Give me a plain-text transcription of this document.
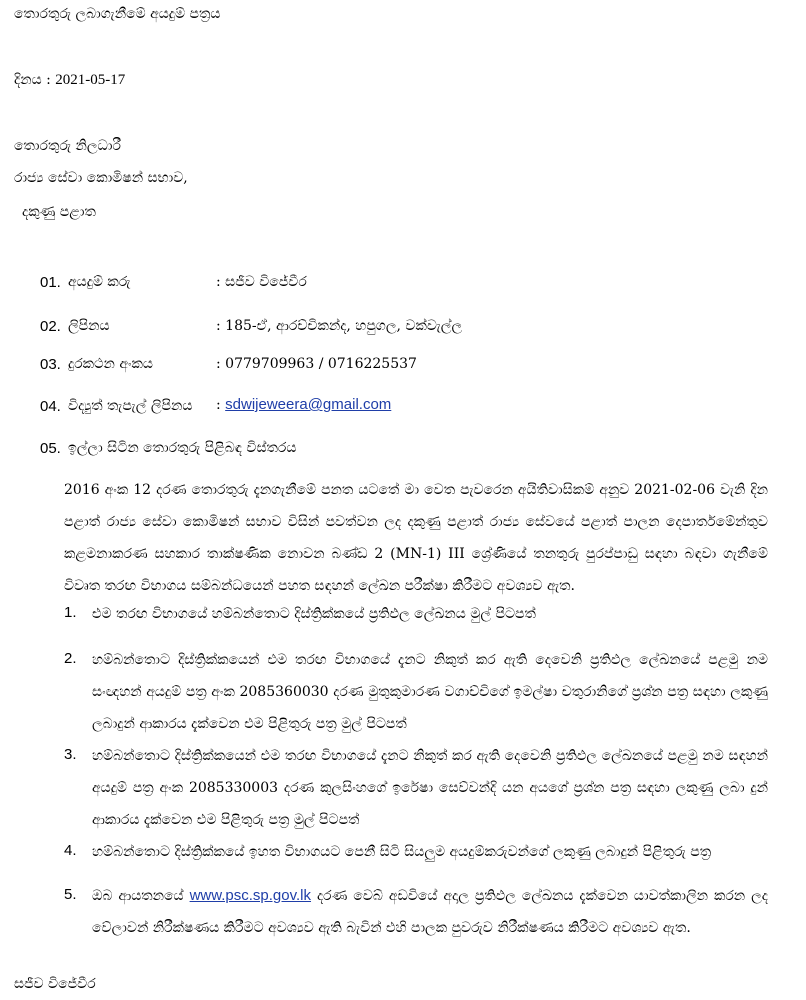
තොරතුරු ලබාගැනීමේ අයදුම් පත්‍රය
දිනය : 2021-05-17
තොරතුරු නිලධාරී
රාජ්‍ය සේවා කොමිෂන් සභාව,
දකුණු පළාත
01. අයදුම් කරු	: සජීව විජේවීර
02. ලිපිනය	: 185-ඒ, ආරච්චිකන්ද, හපුගල, වක්වැල්ල
03. දුරකථන අංකය	: 0779709963 / 0716225537
04. විද්‍යුත් තැපැල් ලිපිනය : sdwijeweera@gmail.com
05. ඉල්ලා සිටින තොරතුරු පිළිබඳ විස්තරය
2016 අංක 12 දරණ තොරතුරු දැනගැනීමේ පනත යටතේ මා වෙත පැවරෙන අයිතිවාසිකම් අනුව 2021-02-06 වැනි දින පළාත් රාජ්‍ය සේවා කොමිෂන් සභාව විසින් පවත්වන ලද දකුණු පළාත් රාජ්‍ය සේවයේ පළාත් පාලන දෙපාර්තමේන්තුව කළමනාකරණ සහකාර තාක්ෂණික නොවන බණ්ඩ 2 (MN-1) III ශ්‍රේණියේ තනතුරු පුරප්පාඩු සඳහා බඳවා ගැනීමේ විවෘත තරඟ විභාගය සම්බන්ධයෙන් පහත සඳහන් ලේඛන පරීක්ෂා කිරීමට අවශ්‍යව ඇත.
1. එම තරඟ විභාගයේ හම්බන්තොට දිස්ත්‍රික්කයේ ප්‍රතිඵල ලේඛනය මුල් පිටපත්
2. හම්බන්තොට දිස්ත්‍රික්කයෙන් එම තරඟ විභාගයේ දැනට නිකුත් කර ඇති දෙවෙනි ප්‍රතිඵල ලේඛනයේ පළමු නම සංඥහන් අයදුම් පත්‍ර අංක 2085360030 දරණ මුතුකුමාරණ වගාච්චිගේ ඉමල්ෂා චතුරානිගේ ප්‍රශ්න පත්‍ර සඳහා ලකුණු ලබාදුන් ආකාරය දැක්වෙන එම පිළිතුරු පත්‍ර මුල් පිටපත්
3. හම්බන්තොට දිස්ත්‍රික්කයෙන් එම තරඟ විභාගයේ දැනට නිකුත් කර ඇති දෙවෙනි ප්‍රතිඵල ලේඛනයේ පළමු නම සඳහන් අයදුම් පත්‍ර අංක 2085330003 දරණ කුලසිංහගේ ඉරේෂා සෙව්වන්දි යන අයගේ ප්‍රශ්න පත්‍ර සඳහා ලකුණු ලබා දුන් ආකාරය දැක්වෙන එම පිළිතුරු පත්‍ර මුල් පිටපත්
4. හම්බන්තොට දිස්ත්‍රික්කයේ ඉහත විභාගයට පෙනී සිටි සියලුම අයදුම්කරුවන්ගේ ලකුණු ලබාදුන් පිළිතුරු පත්‍ර
5. ඔබ ආයතනයේ www.psc.sp.gov.lk දරණ වෙබ් අඩවියේ අදාල ප්‍රතිඵල ලේඛනය දැක්වෙන යාවත්කාලින කරන ලද වේලාවන් නිරීක්ෂණය කිරීමට අවශ්‍යව ඇති බැවින් එහි පාලක පුවරුව නිරීක්ෂණය කිරීමට අවශ්‍යව ඇත.
සජීව විජේවීර
